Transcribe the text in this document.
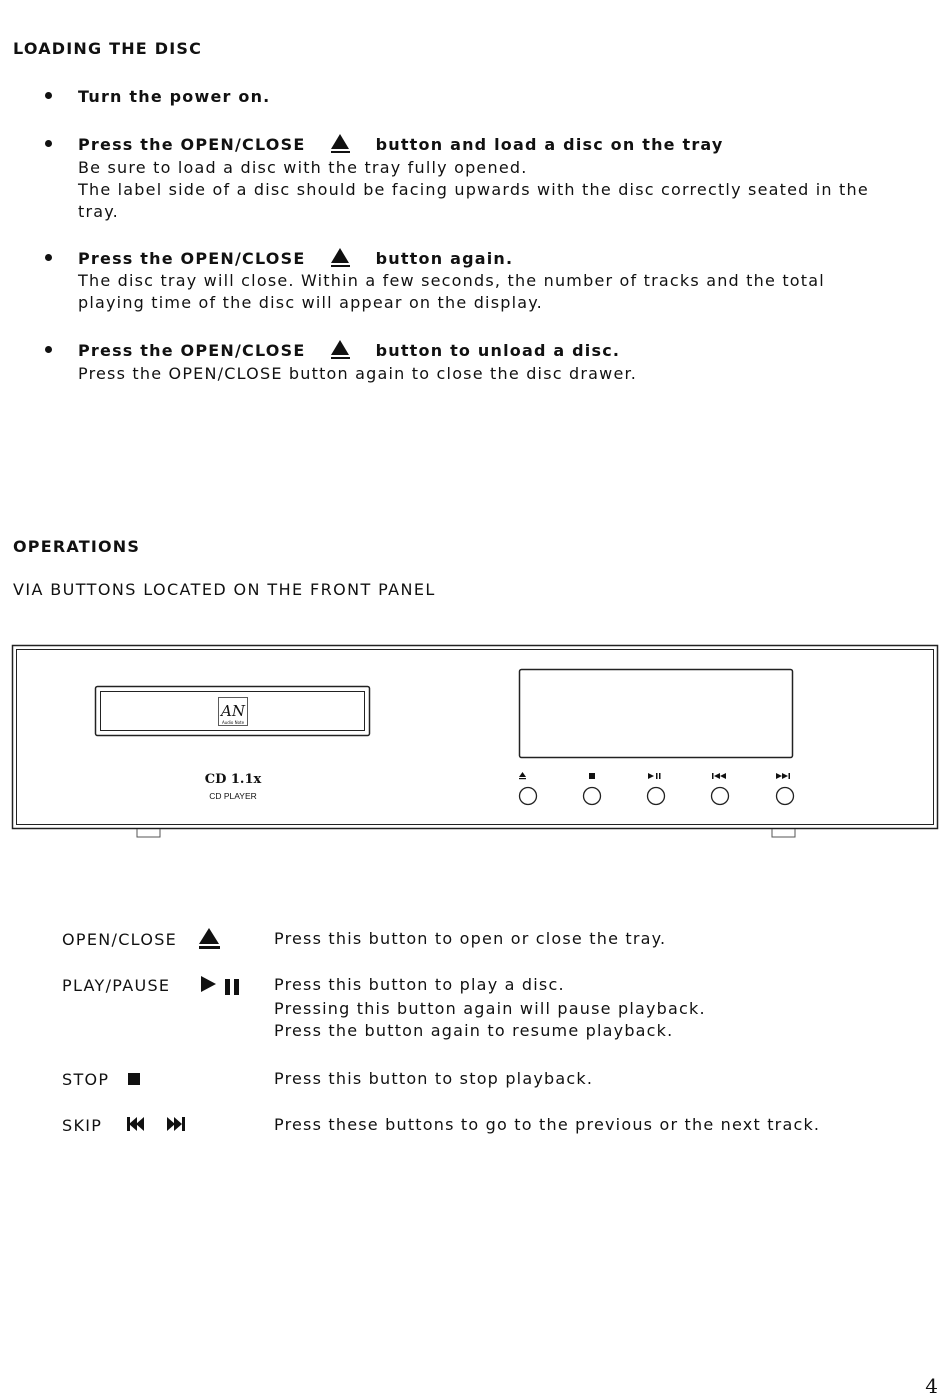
LOADING THE DISC
Turn the power on.
Press the OPEN/CLOSE	button and load a disc on the tray
Be sure to load a disc with the tray fully opened.
The label side of a disc should be facing upwards with the disc correctly seated in the
tray.
Press the OPEN/CLOSE	button again.
The disc tray will close. Within a few seconds, the number of tracks and the total
playing time of the disc will appear on the display.
Press the OPEN/CLOSE	button to unload a disc.
Press the OPEN/CLOSE button again to close the disc drawer.
OPERATIONS
VIA BUTTONS LOCATED ON THE FRONT PANEL
AN
Audio Note
CD 1.1x
CD PLAYER
OPEN/CLOSE	Press this button to open or close the tray.
PLAY/PAUSE	Press this button to play a disc.
Pressing this button again will pause playback.
Press the button again to resume playback.
STOP	Press this button to stop playback.
SKIP	Press these buttons to go to the previous or the next track.
4
